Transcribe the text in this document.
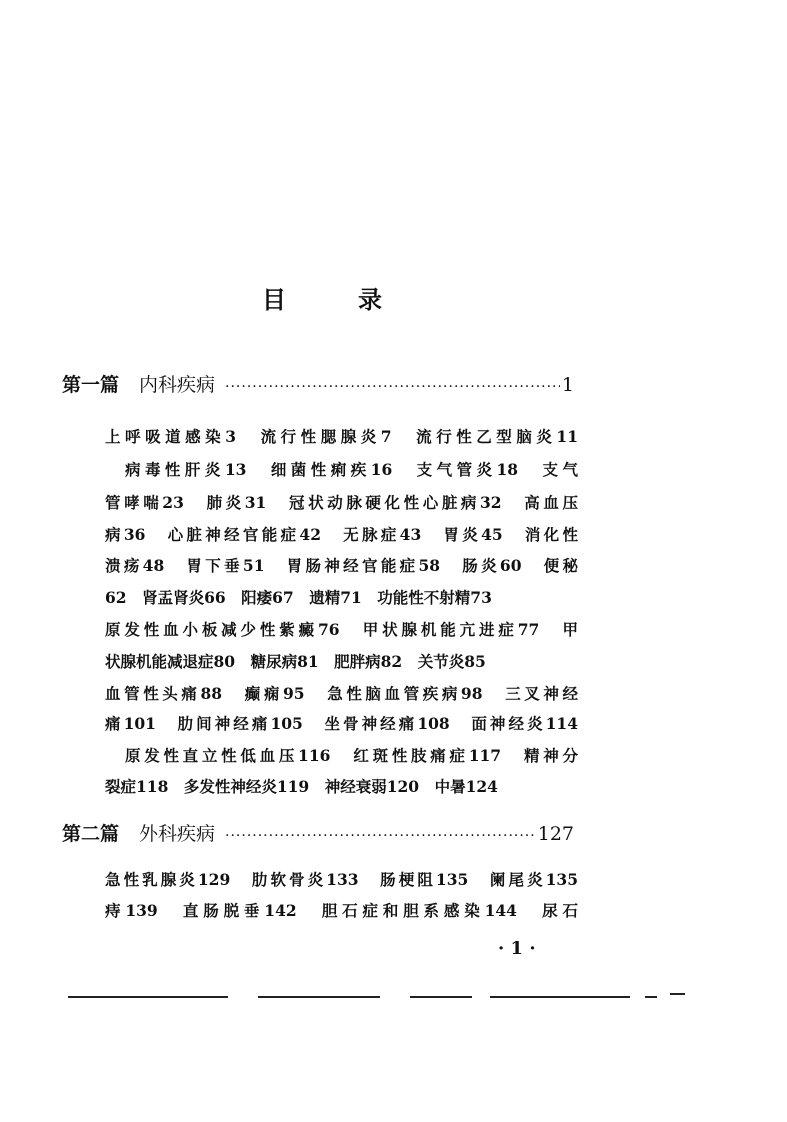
目　录
第一篇 内科疾病 ·····	1
上呼吸道感染3　流行性腮腺炎7　流行性乙型脑炎11
病毒性肝炎13　细菌性痢疾16　支气管炎18　支气
管哮喘23　肺炎31　冠状动脉硬化性心脏病32　高血压
病36　心脏神经官能症42　无脉症43　胃炎45　消化性
溃疡48　胃下垂51　胃肠神经官能症58　肠炎60　便秘
62　肾盂肾炎66　阳痿67　遗精71　功能性不射精73
原发性血小板减少性紫癜76　甲状腺机能亢进症77　甲
状腺机能减退症80　糖尿病81　肥胖病82　关节炎85
血管性头痛88　癫痫95　急性脑血管疾病98　三叉神经
痛101　肋间神经痛105　坐骨神经痛108　面神经炎114
原发性直立性低血压116　红斑性肢痛症117　精神分
裂症118　多发性神经炎119　神经衰弱120　中暑124
第二篇 外科疾病 ·····	127
急性乳腺炎129　肋软骨炎133　肠梗阻135　阑尾炎135
痔139　直肠脱垂142　胆石症和胆系感染144　尿石
· 1 ·
